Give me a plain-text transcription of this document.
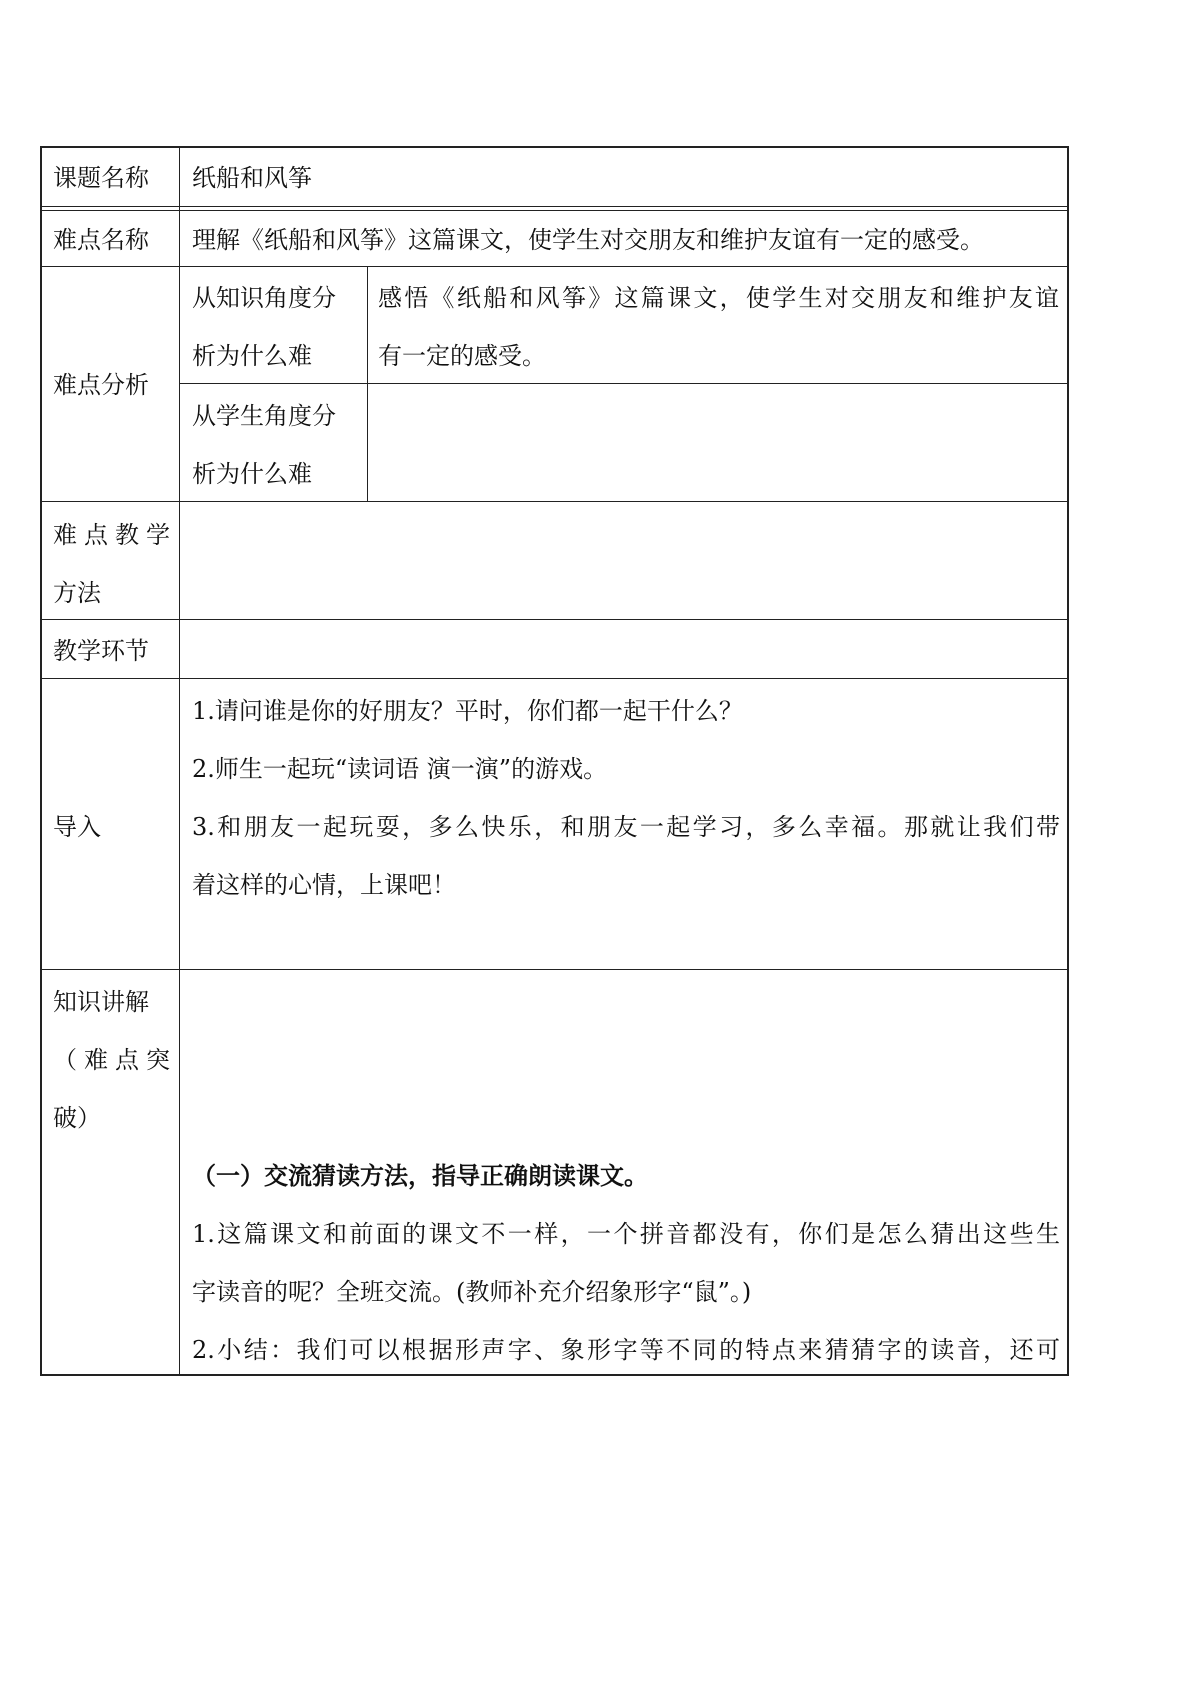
课题名称	纸船和风筝
难点名称	理解《纸船和风筝》这篇课文，使学生对交朋友和维护友谊有一定的感受。
难点分析
从知识角度分
析为什么难
感悟《纸船和风筝》这篇课文，使学生对交朋友和维护友谊
有一定的感受。
从学生角度分
析为什么难
难点教学
方法
教学环节
导入
1.请问谁是你的好朋友？平时，你们都一起干什么？
2.师生一起玩“读词语 演一演”的游戏。
3.和朋友一起玩耍，多么快乐，和朋友一起学习，多么幸福。那就让我们带
着这样的心情，上课吧！
知识讲解
（难点突
破）
（一）交流猜读方法，指导正确朗读课文。
1.这篇课文和前面的课文不一样，一个拼音都没有，你们是怎么猜出这些生
字读音的呢？全班交流。(教师补充介绍象形字“鼠”。)
2.小结：我们可以根据形声字、象形字等不同的特点来猜猜字的读音，还可
